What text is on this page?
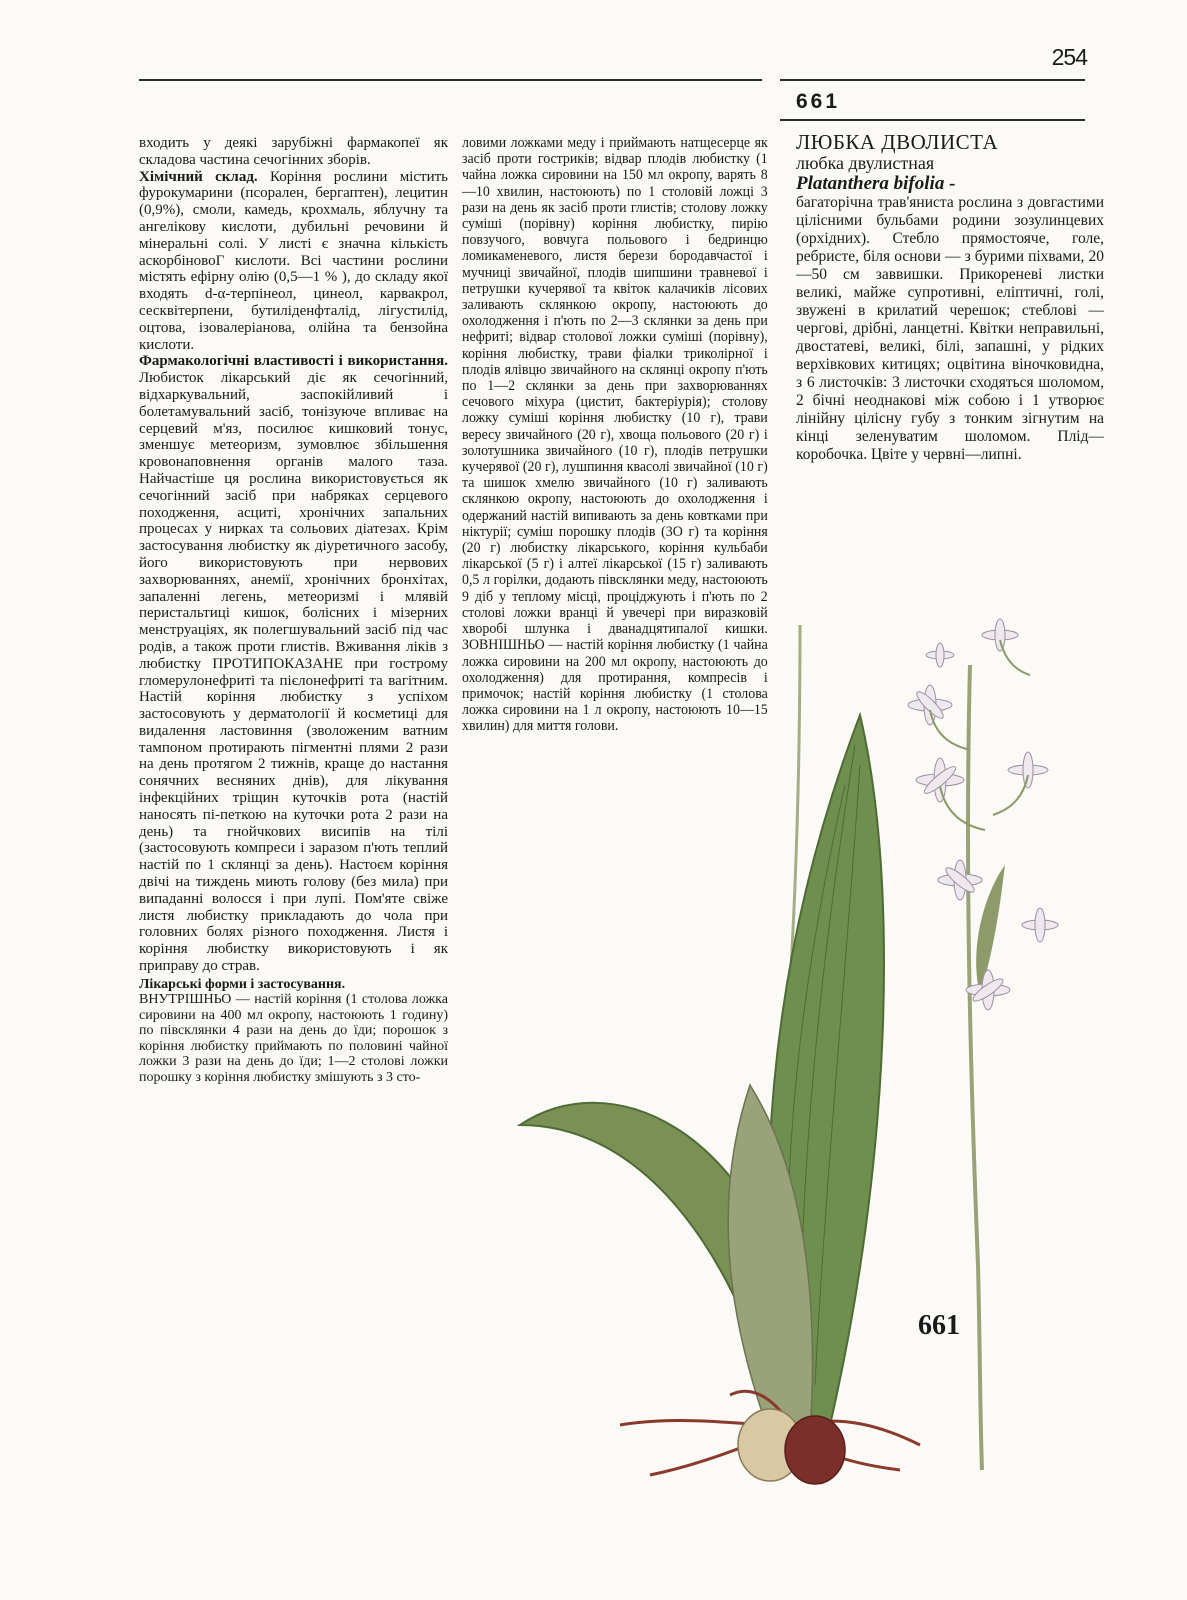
254
661

входить у деякі зарубіжні фармакопеї як складова частина сечогінних зборів.

Хімічний склад. Коріння рослини містить фурокумарини (псорален, бергаптен), лецитин (0,9%), смоли, камедь, крохмаль, яблучну та ангелікову кислоти, дубильні речовини й мінеральні солі. У листі є значна кількість аскорбіновоГ кислоти. Всі частини рослини містять ефірну олію (0,5—1 % ), до складу якої входять d-α-терпінеол, цинеол, карвакрол, сесквітерпени, бутиліденфталід, лігустилід, оцтова, ізовалеріанова, олійна та бензойна кислоти.

Фармакологічні властивості і використання. Любисток лікарський діє як сечогінний, відхаркувальний, заспокійливий і болетамувальний засіб, тонізуюче впливає на серцевий м'яз, посилює кишковий тонус, зменшує метеоризм, зумовлює збільшення кровонаповнення органів малого таза. Найчастіше ця рослина використовується як сечогінний засіб при набряках серцевого походження, асциті, хронічних запальних процесах у нирках та сольових діатезах. Крім застосування любистку як діуретичного засобу, його використовують при нервових захворюваннях, анемії, хронічних бронхітах, запаленні легень, метеоризмі і млявій перистальтиці кишок, болісних і мізерних менструаціях, як полегшувальний засіб під час родів, а також проти глистів. Вживання ліків з любистку ПРОТИПОКАЗАНЕ при гострому гломерулонефриті та пієлонефриті та вагітним. Настій коріння любистку з успіхом застосовують у дерматології й косметиці для видалення ластовиння (зволоженим ватним тампоном протирають пігментні плями 2 рази на день протягом 2 тижнів, краще до настання сонячних весняних днів), для лікування інфекційних тріщин куточків рота (настій наносять пі-петкою на куточки рота 2 рази на день) та гнойчкових висипів на тілі (застосовують компреси і заразом п'ють теплий настій по 1 склянці за день). Настоєм коріння двічі на тиждень миють голову (без мила) при випаданні волосся і при лупі. Пом'яте свіже листя любистку прикладають до чола при головних болях різного походження. Листя і коріння любистку використовують і як приправу до страв.

Лікарські форми і застосування.
ВНУТРІШНЬО — настій коріння (1 столова ложка сировини на 400 мл окропу, настоюють 1 годину) по півсклянки 4 рази на день до їди; порошок з коріння любистку приймають по половині чайної ложки 3 рази на день до їди; 1—2 столові ложки порошку з коріння любистку змішують з 3 сто-

ловими ложками меду і приймають натщесерце як засіб проти гостриків; відвар плодів любистку (1 чайна ложка сировини на 150 мл окропу, варять 8—10 хвилин, настоюють) по 1 столовій ложці 3 рази на день як засіб проти глистів; столову ложку суміші (порівну) коріння любистку, пирію повзучого, вовчуга польового і бедринцю ломикаменевого, листя берези бородавчастої і мучниці звичайної, плодів шипшини травневої і петрушки кучерявої та квіток калачиків лісових заливають склянкою окропу, настоюють до охолодження і п'ють по 2—3 склянки за день при нефриті; відвар столової ложки суміші (порівну), коріння любистку, трави фіалки триколірної і плодів ялівцю звичайного на склянці окропу п'ють по 1—2 склянки за день при захворюваннях сечового міхура (цистит, бактеріурія); столову ложку суміші коріння любистку (10 г), трави вересу звичайного (20 г), хвоща польового (20 г) і золотушника звичайного (10 г), плодів петрушки кучерявої (20 г), лушпиння квасолі звичайної (10 г) та шишок хмелю звичайного (10 г) заливають склянкою окропу, настоюють до охолодження і одержаний настій випивають за день ковтками при ніктурії; суміш порошку плодів (3О г) та коріння (20 г) любистку лікарського, коріння кульбаби лікарської (5 г) і алтеї лікарської (15 г) заливають 0,5 л горілки, додають півсклянки меду, настоюють 9 діб у теплому місці, проціджують і п'ють по 2 столові ложки вранці й увечері при виразковій хворобі шлунка і дванадцятипалої кишки. ЗОВНІШНЬО — настій коріння любистку (1 чайна ложка сировини на 200 мл окропу, настоюють до охолодження) для протирання, компресів і примочок; настій коріння любистку (1 столова ложка сировини на 1 л окропу, настоюють 10—15 хвилин) для миття голови.

ЛЮБКА ДВОЛИСТА
любка двулистная
Platanthera bifolia -

багаторічна трав'яниста рослина з довгастими цілісними бульбами родини зозулинцевих (орхідних). Стебло прямостояче, голе, ребристе, біля основи — з бурими піхвами, 20—50 см заввишки. Прикореневі листки великі, майже супротивні, еліптичні, голі, звужені в крилатий черешок; стеблові — чергові, дрібні, ланцетні. Квітки неправильні, двостатеві, великі, білі, запашні, у рідких верхівкових китицях; оцвітина віночковидна, з 6 листочків: 3 листочки сходяться шоломом, 2 бічні неоднакові між собою і 1 утворює лінійну цілісну губу з тонким зігнутим на кінці зеленуватим шоломом. Плід— коробочка. Цвіте у червні—липні.

661
